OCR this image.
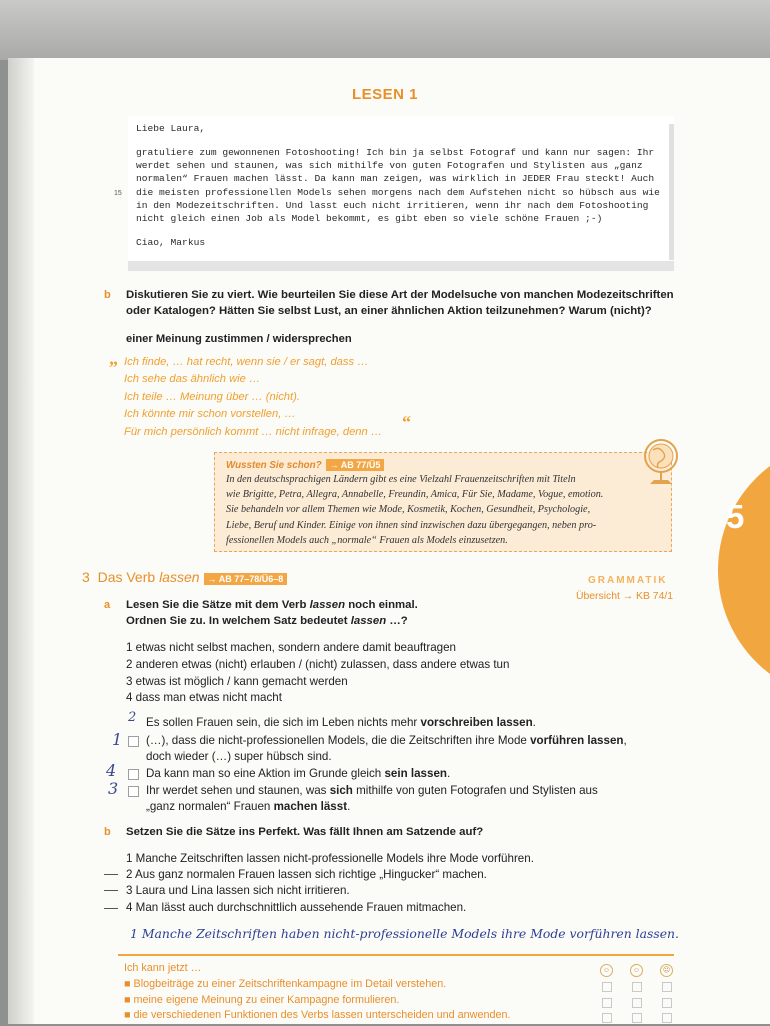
LESEN 1
Liebe Laura,
gratuliere zum gewonnenen Fotoshooting! Ich bin ja selbst Fotograf und kann nur sagen: Ihr
werdet sehen und staunen, was sich mithilfe von guten Fotografen und Stylisten aus „ganz
normalen“ Frauen machen lässt. Da kann man zeigen, was wirklich in JEDER Frau steckt! Auch
die meisten professionellen Models sehen morgens nach dem Aufstehen nicht so hübsch aus wie
in den Modezeitschriften. Und lasst euch nicht irritieren, wenn ihr nach dem Fotoshooting
nicht gleich einen Job als Model bekommt, es gibt eben so viele schöne Frauen ;-)
Ciao, Markus
15
b Diskutieren Sie zu viert. Wie beurteilen Sie diese Art der Modelsuche von manchen Modezeitschriften
oder Katalogen? Hätten Sie selbst Lust, an einer ähnlichen Aktion teilzunehmen? Warum (nicht)?
einer Meinung zustimmen / widersprechen
„ Ich finde, … hat recht, wenn sie / er sagt, dass …
Ich sehe das ähnlich wie …
Ich teile … Meinung über … (nicht).
Ich könnte mir schon vorstellen, …
Für mich persönlich kommt … nicht infrage, denn … “
Wussten Sie schon? → AB 77/Ü5
In den deutschsprachigen Ländern gibt es eine Vielzahl Frauenzeitschriften mit Titeln
wie Brigitte, Petra, Allegra, Annabelle, Freundin, Amica, Für Sie, Madame, Vogue, emotion.
Sie behandeln vor allem Themen wie Mode, Kosmetik, Kochen, Gesundheit, Psychologie,
Liebe, Beruf und Kinder. Einige von ihnen sind inzwischen dazu übergegangen, neben pro-
fessionellen Models auch „normale“ Frauen als Models einzusetzen.
5
3 Das Verb lassen → AB 77–78/Ü6–8	GRAMMATIK
Übersicht → KB 74/1
a Lesen Sie die Sätze mit dem Verb lassen noch einmal.
Ordnen Sie zu. In welchem Satz bedeutet lassen …?
1 etwas nicht selbst machen, sondern andere damit beauftragen
2 anderen etwas (nicht) erlauben / (nicht) zulassen, dass andere etwas tun
3 etwas ist möglich / kann gemacht werden
4 dass man etwas nicht macht
2 Es sollen Frauen sein, die sich im Leben nichts mehr vorschreiben lassen.
1 (…), dass die nicht-professionellen Models, die die Zeitschriften ihre Mode vorführen lassen,
doch wieder (…) super hübsch sind.
4	Da kann man so eine Aktion im Grunde gleich sein lassen.
3 Ihr werdet sehen und staunen, was sich mithilfe von guten Fotografen und Stylisten aus
„ganz normalen“ Frauen machen lässt.
b Setzen Sie die Sätze ins Perfekt. Was fällt Ihnen am Satzende auf?
1 Manche Zeitschriften lassen nicht-professionelle Models ihre Mode vorführen.
2 Aus ganz normalen Frauen lassen sich richtige „Hingucker“ machen.
3 Laura und Lina lassen sich nicht irritieren.
4 Man lässt auch durchschnittlich aussehende Frauen mitmachen.
1 Manche Zeitschriften haben nicht-professionelle Models ihre Mode vorführen lassen.
Ich kann jetzt …
■ Blogbeiträge zu einer Zeitschriftenkampagne im Detail verstehen.
■ meine eigene Meinung zu einer Kampagne formulieren.
■ die verschiedenen Funktionen des Verbs lassen unterscheiden und anwenden.
☺	☺	☹
